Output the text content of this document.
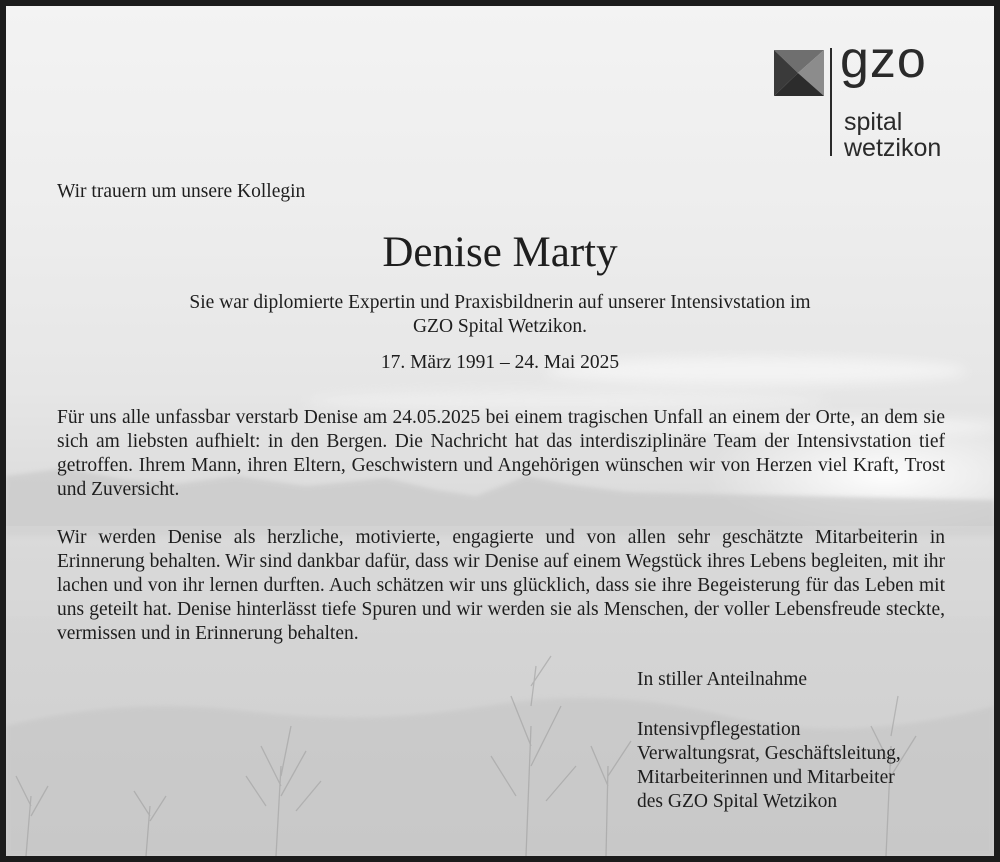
gzo
spital
wetzikon
Wir trauern um unsere Kollegin
Denise Marty
Sie war diplomierte Expertin und Praxisbildnerin auf unserer Intensivstation im
GZO Spital Wetzikon.
17. März 1991 – 24. Mai 2025
Für uns alle unfassbar verstarb Denise am 24.05.2025 bei einem tragischen Unfall an einem der Orte, an dem sie sich am liebsten aufhielt: in den Bergen. Die Nachricht hat das interdisziplinäre Team der Intensivstation tief getroffen. Ihrem Mann, ihren Eltern, Geschwistern und Angehörigen wünschen wir von Herzen viel Kraft, Trost und Zuversicht.
Wir werden Denise als herzliche, motivierte, engagierte und von allen sehr geschätzte Mitarbeiterin in Erinnerung behalten. Wir sind dankbar dafür, dass wir Denise auf einem Wegstück ihres Lebens begleiten, mit ihr lachen und von ihr lernen durften. Auch schätzen wir uns glücklich, dass sie ihre Begeisterung für das Leben mit uns geteilt hat. Denise hinterlässt tiefe Spuren und wir werden sie als Menschen, der voller Lebensfreude steckte, vermissen und in Erinnerung behalten.
In stiller Anteilnahme
Intensivpflegestation
Verwaltungsrat, Geschäftsleitung,
Mitarbeiterinnen und Mitarbeiter
des GZO Spital Wetzikon
